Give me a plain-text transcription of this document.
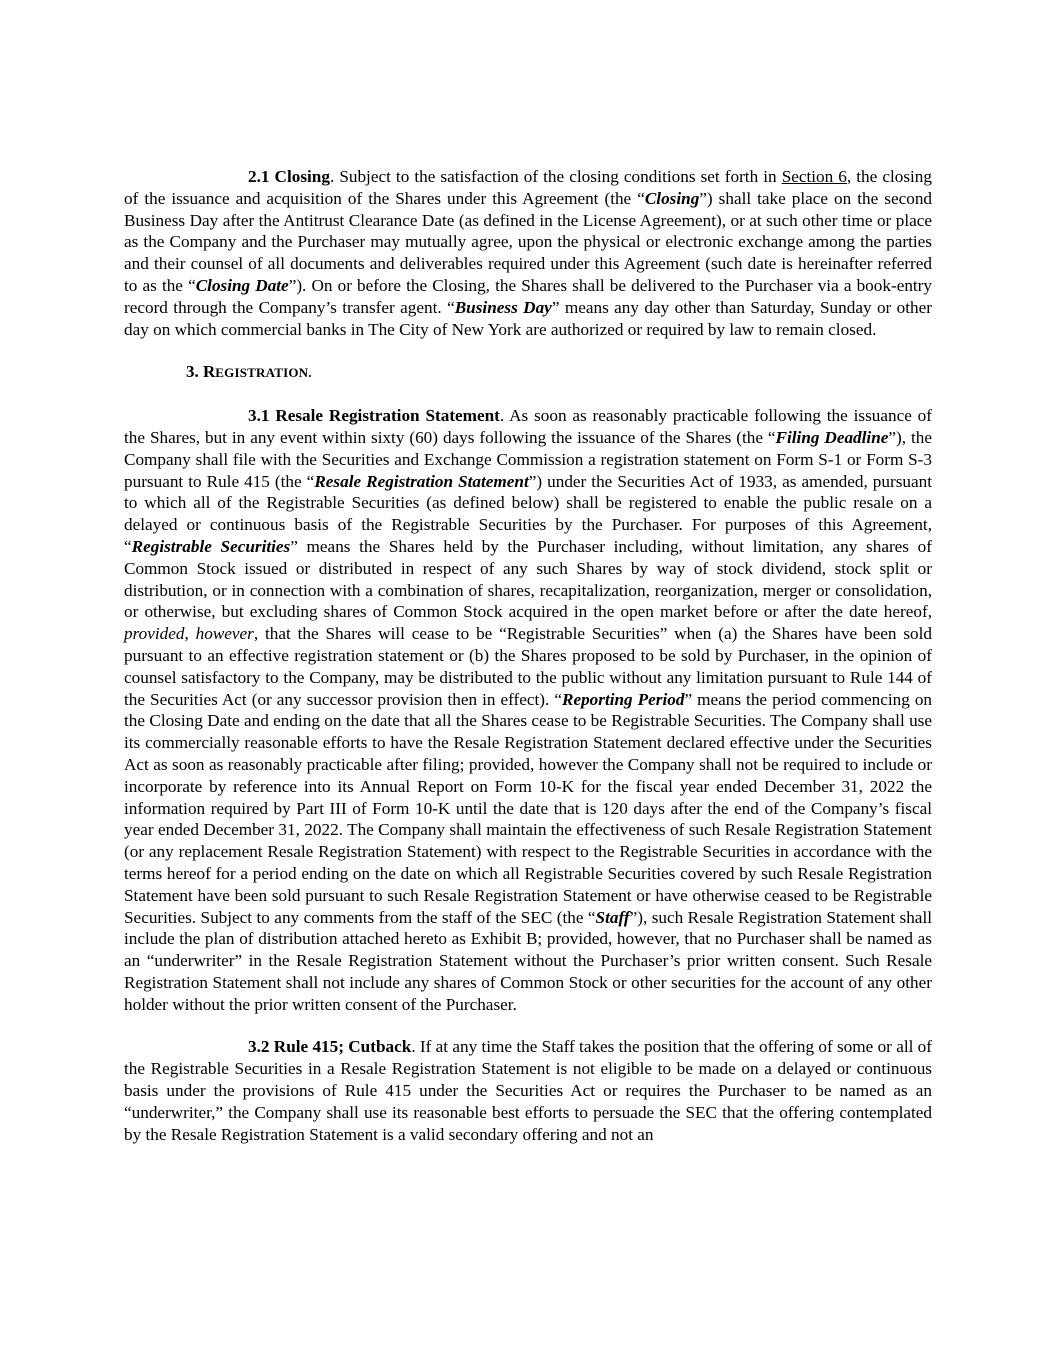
2.1 Closing. Subject to the satisfaction of the closing conditions set forth in Section 6, the closing of the issuance and acquisition of the Shares under this Agreement (the “Closing”) shall take place on the second Business Day after the Antitrust Clearance Date (as defined in the License Agreement), or at such other time or place as the Company and the Purchaser may mutually agree, upon the physical or electronic exchange among the parties and their counsel of all documents and deliverables required under this Agreement (such date is hereinafter referred to as the “Closing Date”). On or before the Closing, the Shares shall be delivered to the Purchaser via a book-entry record through the Company’s transfer agent. “Business Day” means any day other than Saturday, Sunday or other day on which commercial banks in The City of New York are authorized or required by law to remain closed.

3. REGISTRATION.

3.1 Resale Registration Statement. As soon as reasonably practicable following the issuance of the Shares, but in any event within sixty (60) days following the issuance of the Shares (the “Filing Deadline”), the Company shall file with the Securities and Exchange Commission a registration statement on Form S-1 or Form S-3 pursuant to Rule 415 (the “Resale Registration Statement”) under the Securities Act of 1933, as amended, pursuant to which all of the Registrable Securities (as defined below) shall be registered to enable the public resale on a delayed or continuous basis of the Registrable Securities by the Purchaser. For purposes of this Agreement, “Registrable Securities” means the Shares held by the Purchaser including, without limitation, any shares of Common Stock issued or distributed in respect of any such Shares by way of stock dividend, stock split or distribution, or in connection with a combination of shares, recapitalization, reorganization, merger or consolidation, or otherwise, but excluding shares of Common Stock acquired in the open market before or after the date hereof, provided, however, that the Shares will cease to be “Registrable Securities” when (a) the Shares have been sold pursuant to an effective registration statement or (b) the Shares proposed to be sold by Purchaser, in the opinion of counsel satisfactory to the Company, may be distributed to the public without any limitation pursuant to Rule 144 of the Securities Act (or any successor provision then in effect). “Reporting Period” means the period commencing on the Closing Date and ending on the date that all the Shares cease to be Registrable Securities. The Company shall use its commercially reasonable efforts to have the Resale Registration Statement declared effective under the Securities Act as soon as reasonably practicable after filing; provided, however the Company shall not be required to include or incorporate by reference into its Annual Report on Form 10-K for the fiscal year ended December 31, 2022 the information required by Part III of Form 10-K until the date that is 120 days after the end of the Company’s fiscal year ended December 31, 2022. The Company shall maintain the effectiveness of such Resale Registration Statement (or any replacement Resale Registration Statement) with respect to the Registrable Securities in accordance with the terms hereof for a period ending on the date on which all Registrable Securities covered by such Resale Registration Statement have been sold pursuant to such Resale Registration Statement or have otherwise ceased to be Registrable Securities. Subject to any comments from the staff of the SEC (the “Staff”), such Resale Registration Statement shall include the plan of distribution attached hereto as Exhibit B; provided, however, that no Purchaser shall be named as an “underwriter” in the Resale Registration Statement without the Purchaser’s prior written consent. Such Resale Registration Statement shall not include any shares of Common Stock or other securities for the account of any other holder without the prior written consent of the Purchaser.

3.2 Rule 415; Cutback. If at any time the Staff takes the position that the offering of some or all of the Registrable Securities in a Resale Registration Statement is not eligible to be made on a delayed or continuous basis under the provisions of Rule 415 under the Securities Act or requires the Purchaser to be named as an “underwriter,” the Company shall use its reasonable best efforts to persuade the SEC that the offering contemplated by the Resale Registration Statement is a valid secondary offering and not an
